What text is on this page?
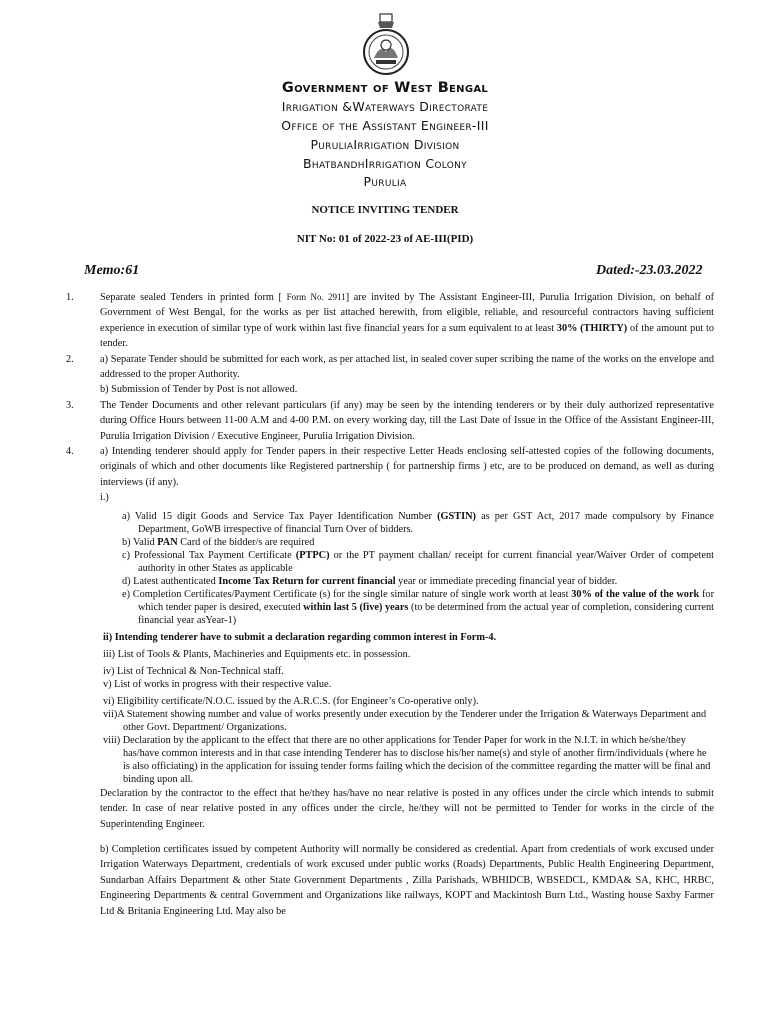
Government of West Bengal
Irrigation &Waterways Directorate
Office of the Assistant Engineer-III
PuruliaIrrigation Division
BhatbandhIrrigation Colony
Purulia
NOTICE INVITING TENDER
NIT No: 01 of 2022-23 of AE-III(PID)
Memo:61	Dated:-23.03.2022
1.	Separate sealed Tenders in printed form [ Form No. 2911] are invited by The Assistant Engineer-III, Purulia Irrigation Division, on behalf of Government of West Bengal, for the works as per list attached herewith, from eligible, reliable, and resourceful contractors having sufficient experience in execution of similar type of work within last five financial years for a sum equivalent to at least 30% (THIRTY) of the amount put to tender.
2.	a) Separate Tender should be submitted for each work, as per attached list, in sealed cover super scribing the name of the works on the envelope and addressed to the proper Authority.
b) Submission of Tender by Post is not allowed.
3.	The Tender Documents and other relevant particulars (if any) may be seen by the intending tenderers or by their duly authorized representative during Office Hours between 11-00 A.M and 4-00 P.M. on every working day, till the Last Date of Issue in the Office of the Assistant Engineer-III, Purulia Irrigation Division / Executive Engineer, Purulia Irrigation Division.
4.	a) Intending tenderer should apply for Tender papers in their respective Letter Heads enclosing self-attested copies of the following documents, originals of which and other documents like Registered partnership ( for partnership firms ) etc, are to be produced on demand, as well as during interviews (if any).
i.)
a) Valid 15 digit Goods and Service Tax Payer Identification Number (GSTIN) as per GST Act, 2017 made compulsory by Finance Department, GoWB irrespective of financial Turn Over of bidders.
b) Valid PAN Card of the bidder/s are required
c) Professional Tax Payment Certificate (PTPC) or the PT payment challan/ receipt for current financial year/Waiver Order of competent authority in other States as applicable
d) Latest authenticated Income Tax Return for current financial year or immediate preceding financial year of bidder.
e) Completion Certificates/Payment Certificate (s) for the single similar nature of single work worth at least 30% of the value of the work for which tender paper is desired, executed within last 5 (five) years (to be determined from the actual year of completion, considering current financial year asYear-1)
ii) Intending tenderer have to submit a declaration regarding common interest in Form-4.
iii) List of Tools & Plants, Machineries and Equipments etc. in possession.
iv) List of Technical & Non-Technical staff.
v) List of works in progress with their respective value.
vi) Eligibility certificate/N.O.C. issued by the A.R.C.S. (for Engineer’s Co-operative only).
vii)A Statement showing number and value of works presently under execution by the Tenderer under the Irrigation & Waterways Department and other Govt. Department/ Organizations.
viii) Declaration by the applicant to the effect that there are no other applications for Tender Paper for work in the N.I.T. in which he/she/they has/have common interests and in that case intending Tenderer has to disclose his/her name(s) and style of another firm/individuals (where he is also officiating) in the application for issuing tender forms failing which the decision of the committee regarding the matter will be final and binding upon all.
Declaration by the contractor to the effect that he/they has/have no near relative is posted in any offices under the circle which intends to submit tender. In case of near relative posted in any offices under the circle, he/they will not be permitted to Tender for works in the circle of the Superintending Engineer.
b) Completion certificates issued by competent Authority will normally be considered as credential. Apart from credentials of work excused under Irrigation Waterways Department, credentials of work excused under public works (Roads) Departments, Public Health Engineering Department, Sundarban Affairs Department & other State Government Departments , Zilla Parishads, WBHIDCB, WBSEDCL, KMDA& SA, KHC, HRBC, Engineering Departments & central Government and Organizations like railways, KOPT and Mackintosh Burn Ltd., Wasting house Saxby Farmer Ltd & Britania Engineering Ltd. May also be
